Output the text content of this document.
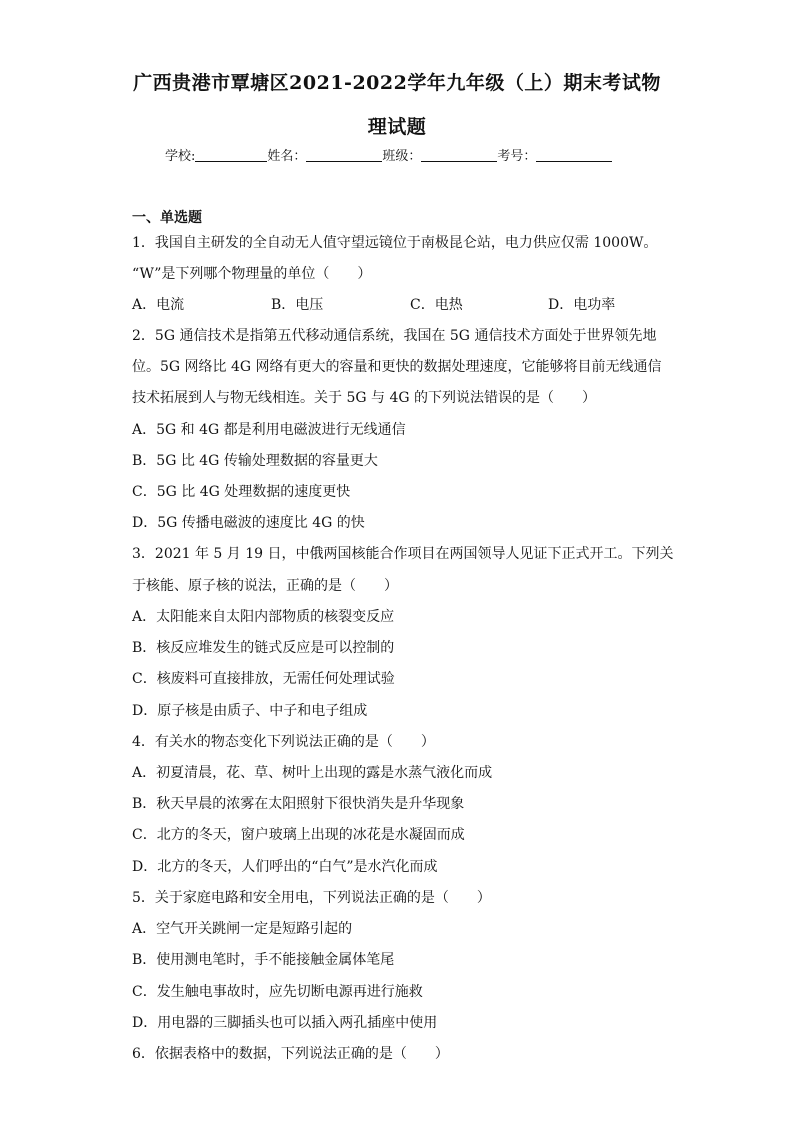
广西贵港市覃塘区2021-2022学年九年级（上）期末考试物
理试题
学校:	姓名：	班级：	考号：
一、单选题
1．我国自主研发的全自动无人值守望远镜位于南极昆仑站，电力供应仅需 1000W。
“W”是下列哪个物理量的单位（　　）
A．电流	B．电压	C．电热	D．电功率
2．5G 通信技术是指第五代移动通信系统，我国在 5G 通信技术方面处于世界领先地
位。5G 网络比 4G 网络有更大的容量和更快的数据处理速度，它能够将目前无线通信
技术拓展到人与物无线相连。关于 5G 与 4G 的下列说法错误的是（　　）
A．5G 和 4G 都是利用电磁波进行无线通信
B．5G 比 4G 传输处理数据的容量更大
C．5G 比 4G 处理数据的速度更快
D．5G 传播电磁波的速度比 4G 的快
3．2021 年 5 月 19 日，中俄两国核能合作项目在两国领导人见证下正式开工。下列关
于核能、原子核的说法，正确的是（　　）
A．太阳能来自太阳内部物质的核裂变反应
B．核反应堆发生的链式反应是可以控制的
C．核废料可直接排放，无需任何处理试验
D．原子核是由质子、中子和电子组成
4．有关水的物态变化下列说法正确的是（　　）
A．初夏清晨，花、草、树叶上出现的露是水蒸气液化而成
B．秋天早晨的浓雾在太阳照射下很快消失是升华现象
C．北方的冬天，窗户玻璃上出现的冰花是水凝固而成
D．北方的冬天，人们呼出的“白气”是水汽化而成
5．关于家庭电路和安全用电，下列说法正确的是（　　）
A．空气开关跳闸一定是短路引起的
B．使用测电笔时，手不能接触金属体笔尾
C．发生触电事故时，应先切断电源再进行施救
D．用电器的三脚插头也可以插入两孔插座中使用
6．依据表格中的数据，下列说法正确的是（　　）
